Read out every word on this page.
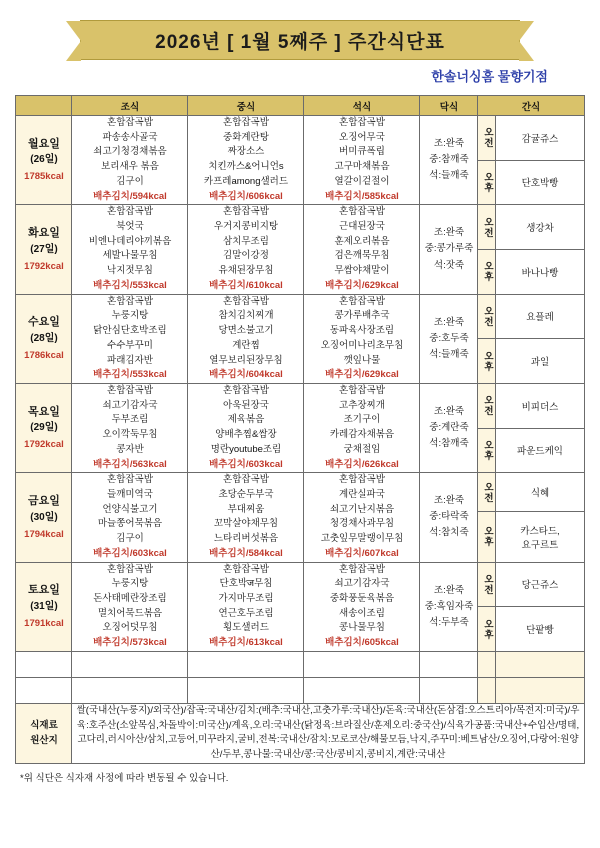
2026년 [ 1월 5째주 ] 주간식단표
한솔너싱홈 물향기점
	조식	중식	석식	닥식	간식	

월요일
(26일)
1785kcal

혼합잡곡밥
파송송사골국
쇠고기청경채볶음
보리새우 볶음
김구이
배추김치/594kcal

혼합잡곡밥
중화계란탕
짜장소스
치킨까스&어니언s
카프레among샐러드
배추김치/606kcal

혼합잡곡밥
오징어무국
버미큐폭립
고구마채볶음
열갈이겉절이
배추김치/585kcal

조:완죽
중:참깨죽
석:들깨죽
	오전	감귤쥬스
					오후	단호박빵

화요일
(27일)
1792kcal

혼합잡곡밥
북엇국
비엔나데리야끼볶음
세발나물무침
낙지젓무침
배추김치/553kcal

혼합잡곡밥
우거지콩비지탕
삼치무조림
김말이강정
유채된장무침
배추김치/610kcal

혼합잡곡밥
근대된장국
훈제오리볶음
검은깨묵무침
무쌈야채말이
배추김치/629kcal

조:완죽
중:콩가루죽
석:잣죽
	오전	생강차
					오후	바나나빵

수요일
(28일)
1786kcal

혼합잡곡밥
누룽지탕
닭안심단호박조림
수수부꾸미
파래김자반
배추김치/553kcal

혼합잡곡밥
참치김치찌개
당면소불고기
계란찜
열무보리된장무침
배추김치/604kcal

혼합잡곡밥
콩가루배추국
동파육사장조림
오징어미나리초무침
깻잎나물
배추김치/629kcal

조:완죽
중:호두죽
석:들깨죽
	오전	요플레
					오후	과일

목요일
(29일)
1792kcal

혼합잡곡밥
쇠고기감자국
두부조림
오이깍둑무침
콩자반
배추김치/563kcal

혼합잡곡밥
아욱된장국
제육볶음
양배추찜&쌈장
명란youtube조림
배추김치/603kcal

혼합잡곡밥
고추장찌개
조기구이
카레감자채볶음
궁채절임
배추김치/626kcal

조:완죽
중:계란죽
석:참깨죽
	오전	비피더스
					오후	파운드케익

금요일
(30일)
1794kcal

혼합잡곡밥
들깨미역국
언양식불고기
마늘쫑어묵볶음
김구이
배추김치/603kcal

혼합잡곡밥
초당순두부국
부대찌움
꼬막살야채무침
느타리버섯볶음
배추김치/584kcal

혼합잡곡밥
계란실파국
쇠고기난지볶음
청경채사과무침
고춧잎무말랭이무침
배추김치/607kcal

조:완죽
중:타락죽
석:참치죽
	오전	식혜
					오후	카스타드,
요구르트

토요일
(31일)
1791kcal

혼합잡곡밥
누룽지탕
돈사태메란장조림
멸치어묵드볶음
오징어덧무침
배추김치/573kcal

혼합잡곡밥
단호박ज무침
가지마무조림
연근호두조림
횡도샐러드
배추김치/613kcal

혼합잡곡밥
쇠고기감자국
중화풍둔육볶음
새송이조림
콩나물무침
배추김치/605kcal

조:완죽
중:흑임자죽
석:두부죽
	오전	당근쥬스
					오후	단팥빵

식재료
원산지	쌀(국내산(누룽지)/외국산)/잡곡:국내산/김치:(배추:국내산,고춧가루:국내산)/돈육:국내산(돈삼겹:오스트리아/목전지:미국)/우육:호주산(소앞목심,차돌박이:미국산)/계육,오리:국내산(닭정육:브라질산/훈제오리:중국산)/식육가공품:국내산+수입산/명태,고다리,러시아산/삼치,고등어,미꾸라지,굴비,전복:국내산/잠치:모로코산/해물모듬,낙지,주꾸미:베트남산/오징어,다랑어:원양산/두부,콩나물:국내산/콩:국산/콩비지,콩비지,계란:국내산					
*위 식단은 식자재 사정에 따라 변동될 수 있습니다.
